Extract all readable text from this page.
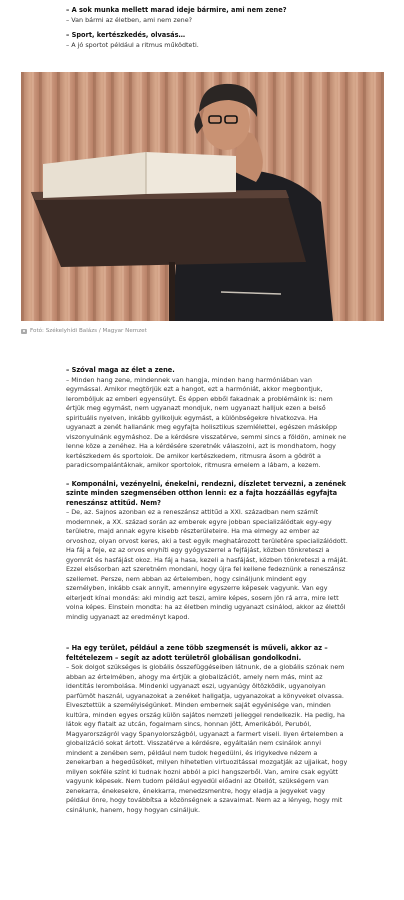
– A sok munka mellett marad ideje bármire, ami nem zene?

– Van bármi az életben, ami nem zene?

– Sport, kertészkedés, olvasás…

– A jó sportot például a ritmus működteti.

Fotó: Székelyhídi Balázs / Magyar Nemzet

– Szóval maga az élet a zene.

– Minden hang zene, mindennek van hangja, minden hang harmóniában van egymással. Amikor megtörjük ezt a hangot, ezt a harmóniát, akkor megbontjuk, lerombóljuk az emberi egyensúlyt. És éppen ebből fakadnak a problémáink is: nem értjük meg egymást, nem ugyanazt mondjuk, nem ugyanazt halljuk ezen a belső spirituális nyelven, inkább gyilkoljuk egymást, a különbségekre hivatkozva. Ha ugyanazt a zenét hallanánk meg egyfajta holisztikus szemlélettel, egészen másképp viszonyulnánk egymáshoz. De a kérdésre visszatérve, semmi sincs a földön, aminek ne lenne köze a zenéhez. Ha a kérdésére szeretnék válaszolni, azt is mondhatom, hogy kertészkedem és sportolok. De amikor kertészkedem, ritmusra ásom a gödröt a paradicsompalántáknak, amikor sportolok, ritmusra emelem a lábam, a kezem.

– Komponálni, vezényelni, énekelni, rendezni, díszletet tervezni, a zenének szinte minden szegmensében otthon lenni: ez a fajta hozzáállás egyfajta reneszánsz attitűd. Nem?

– De, az. Sajnos azonban ez a reneszánsz attitűd a XXI. században nem számít modernnek, a XX. század során az emberek egyre jobban specializálódtak egy-egy területre, majd annak egyre kisebb részterületeire. Ha ma elmegy az ember az orvoshoz, olyan orvost keres, aki a test egyik meghatározott területére specializálódott. Ha fáj a feje, ez az orvos enyhíti egy gyógyszerrel a fejfájást, közben tönkreteszi a gyomrát és hasfájást okoz. Ha fáj a hasa, kezeli a hasfájást, közben tönkreteszi a máját. Ezzel elsősorban azt szeretném mondani, hogy újra fel kellene fedeznünk a reneszánsz szellemet. Persze, nem abban az értelemben, hogy csináljunk mindent egy személyben, inkább csak annyit, amennyire egyszerre képesek vagyunk. Van egy elterjedt kínai mondás: aki mindig azt teszi, amire képes, sosem jön rá arra, mire lett volna képes. Einstein mondta: ha az életben mindig ugyanazt csinálod, akkor az élettől mindig ugyanazt az eredményt kapod.

– Ha egy terület, például a zene több szegmensét is műveli, akkor az – feltételezem – segít az adott területről globálisan gondolkodni.

– Sok dolgot szükséges is globális összefüggéseiben látnunk, de a globális szónak nem abban az értelmében, ahogy ma értjük a globalizációt, amely nem más, mint az identitás lerombolása. Mindenki ugyanazt eszi, ugyanúgy öltözködik, ugyanolyan parfümöt használ, ugyanazokat a zenéket hallgatja, ugyanazokat a könyveket olvassa. Elvesztettük a személyiségünket. Minden embernek saját egyénisége van, minden kultúra, minden egyes ország külön sajátos nemzeti jelleggel rendelkezik. Ha pedig, ha látok egy fiatalt az utcán, fogalmam sincs, honnan jött, Amerikából, Peruból, Magyarországról vagy Spanyolországból, ugyanazt a farmert viseli. Ilyen értelemben a globalizáció sokat ártott. Visszatérve a kérdésre, egyáltalán nem csinálok annyi mindent a zenében sem, például nem tudok hegedülni, és irigykedve nézem a zenekarban a hegedűsöket, milyen hihetetlen virtuozitással mozgatják az ujjaikat, hogy milyen sokféle színt ki tudnak hozni abból a pici hangszerből. Van, amire csak együtt vagyunk képesek. Nem tudom például egyedül előadni az Otellót, szükségem van zenekarra, énekesekre, énekkarra, menedzsmentre, hogy eladja a jegyeket vagy például önre, hogy továbbítsa a közönségnek a szavaimat. Nem az a lényeg, hogy mit csinálunk, hanem, hogy hogyan csináljuk.
